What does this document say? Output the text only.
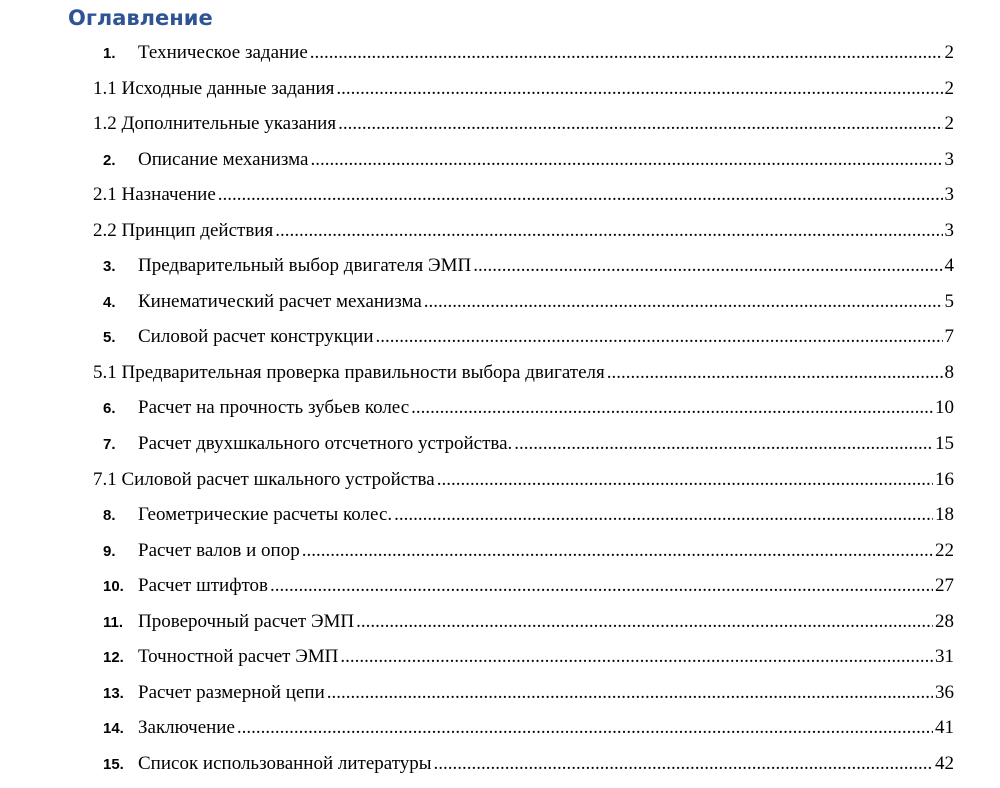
Оглавление
1.	Техническое задание .....	2
1.1 Исходные данные задания .....	2
1.2 Дополнительные указания .....	2
2.	Описание механизма .....	3
2.1 Назначение .....	3
2.2 Принцип действия .....	3
3.	Предварительный выбор двигателя ЭМП .....	4
4.	Кинематический расчет механизма .....	5
5.	Силовой расчет конструкции .....	7
5.1 Предварительная проверка правильности выбора двигателя .....	8
6.	Расчет на прочность зубьев колес .....	10
7.	Расчет двухшкального отсчетного устройства. .....	15
7.1 Силовой расчет шкального устройства .....	16
8.	Геометрические расчеты колес. .....	18
9.	Расчет валов и опор .....	22
10. Расчет штифтов .....	27
11. Проверочный расчет ЭМП .....	28
12. Точностной расчет ЭМП .....	31
13. Расчет размерной цепи .....	36
14. Заключение .....	41
15. Список использованной литературы .....	42
